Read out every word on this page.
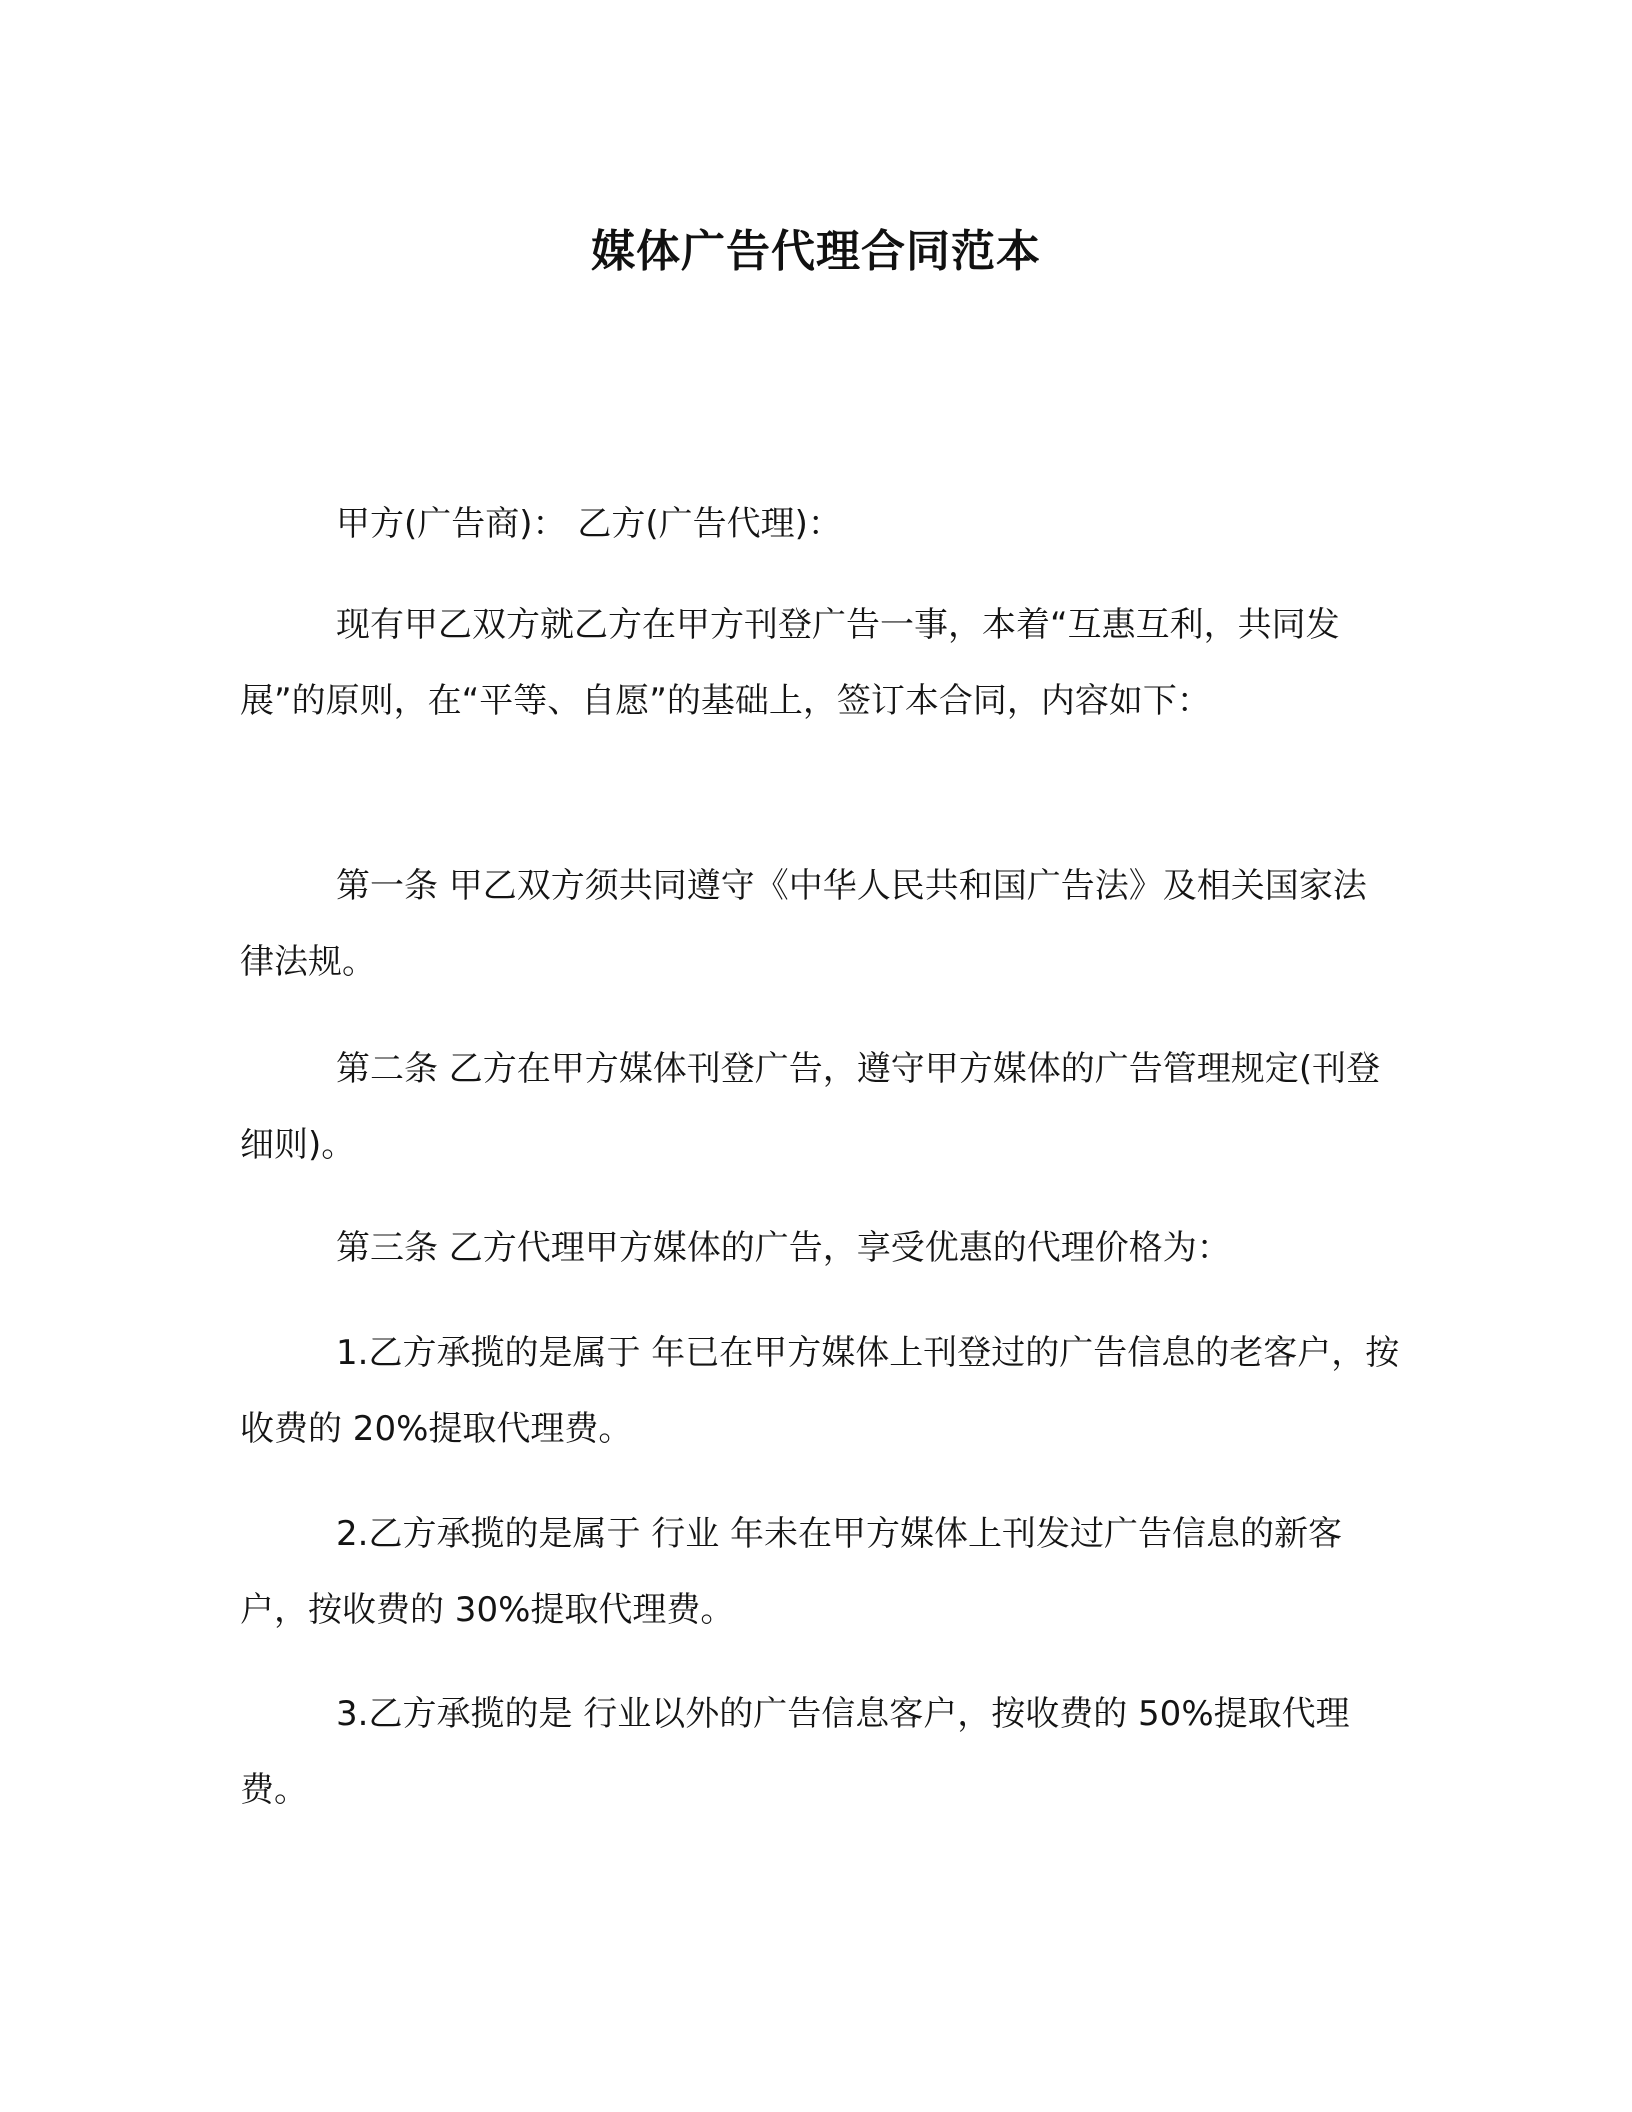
媒体广告代理合同范本
甲方(广告商)： 乙方(广告代理)：
现有甲乙双方就乙方在甲方刊登广告一事，本着“互惠互利，共同发展”的原则，在“平等、自愿”的基础上，签订本合同，内容如下：
第一条 甲乙双方须共同遵守《中华人民共和国广告法》及相关国家法律法规。
第二条 乙方在甲方媒体刊登广告，遵守甲方媒体的广告管理规定(刊登细则)。
第三条 乙方代理甲方媒体的广告，享受优惠的代理价格为：
1.乙方承揽的是属于 年已在甲方媒体上刊登过的广告信息的老客户，按收费的 20%提取代理费。
2.乙方承揽的是属于 行业 年未在甲方媒体上刊发过广告信息的新客户，按收费的 30%提取代理费。
3.乙方承揽的是 行业以外的广告信息客户，按收费的 50%提取代理费。
